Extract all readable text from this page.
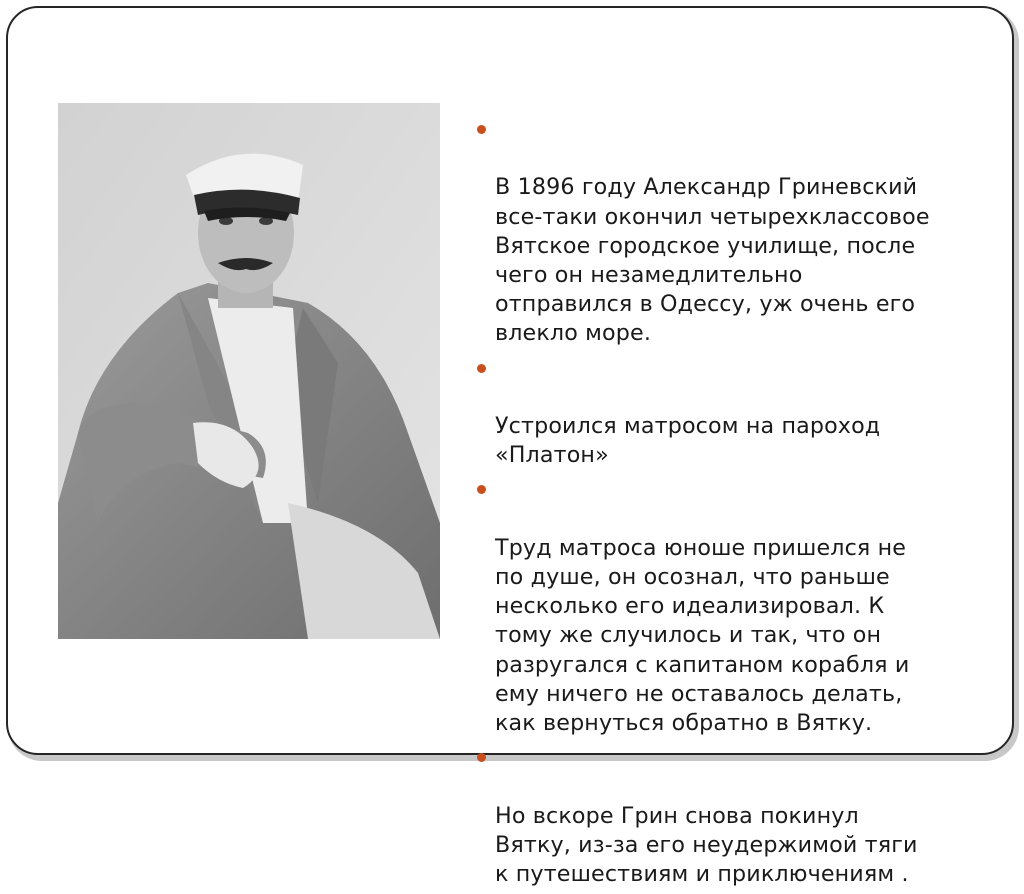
В 1896 году Александр Гриневский
все-таки окончил четырехклассовое
Вятское городское училище, после
чего он незамедлительно
отправился в Одессу, уж очень его
влекло море.

Устроился матросом на пароход
«Платон»

Труд матроса юноше пришелся не
по душе, он осознал, что раньше
несколько его идеализировал. К
тому же случилось и так, что он
разругался с капитаном корабля и
ему ничего не оставалось делать,
как вернуться обратно в Вятку.

Но вскоре Грин снова покинул
Вятку, из-за его неудержимой тяги
к путешествиям и приключениям .
